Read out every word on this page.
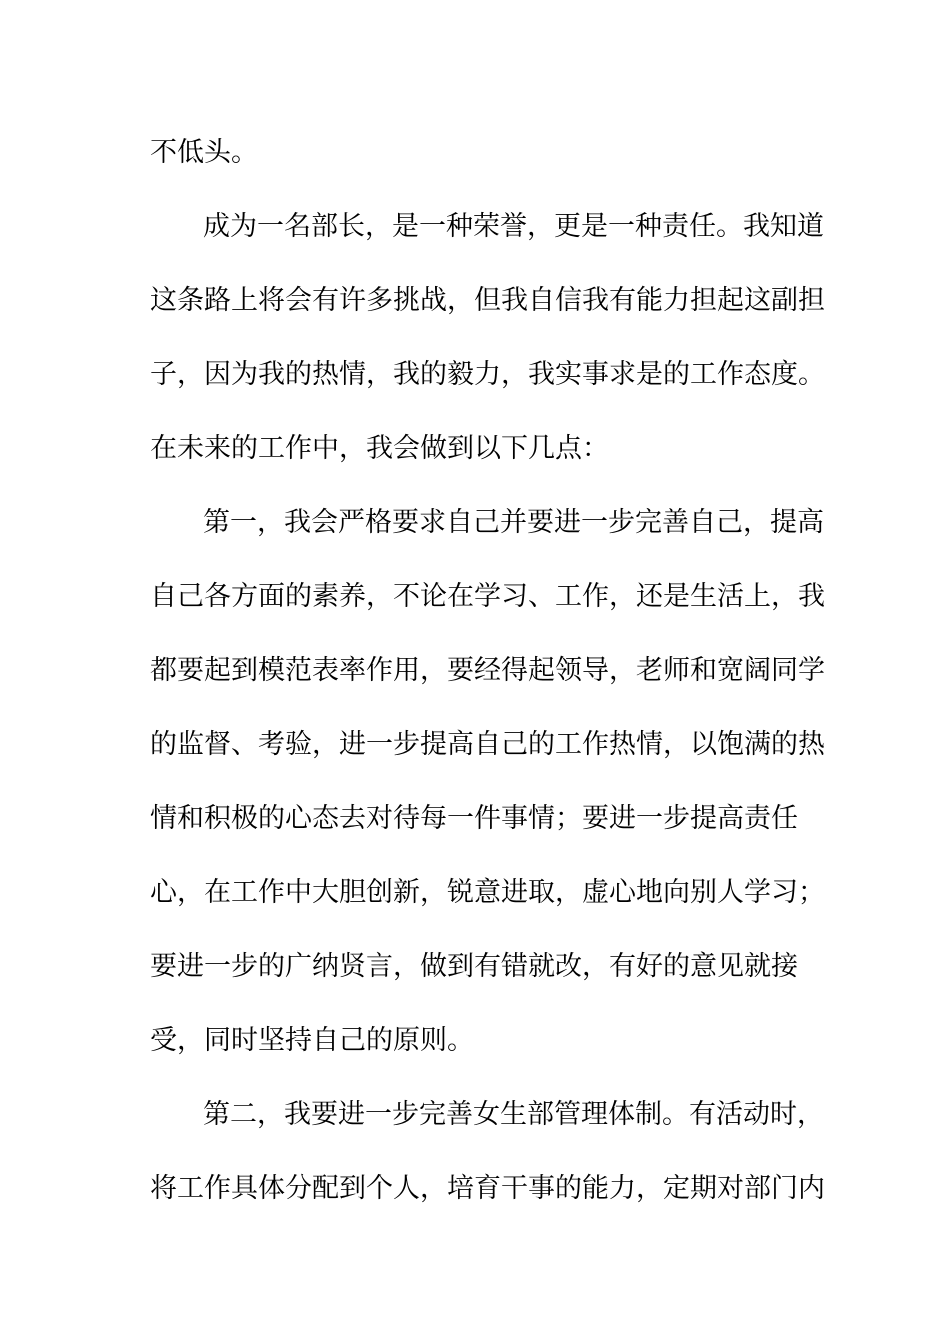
不低头。
成为一名部长，是一种荣誉，更是一种责任。我知道
这条路上将会有许多挑战，但我自信我有能力担起这副担
子，因为我的热情，我的毅力，我实事求是的工作态度。
在未来的工作中，我会做到以下几点：
第一，我会严格要求自己并要进一步完善自己，提高
自己各方面的素养，不论在学习、工作，还是生活上，我
都要起到模范表率作用，要经得起领导，老师和宽阔同学
的监督、考验，进一步提高自己的工作热情，以饱满的热
情和积极的心态去对待每一件事情；要进一步提高责任
心，在工作中大胆创新，锐意进取，虚心地向别人学习；
要进一步的广纳贤言，做到有错就改，有好的意见就接
受，同时坚持自己的原则。
第二，我要进一步完善女生部管理体制。有活动时，
将工作具体分配到个人，培育干事的能力，定期对部门内
